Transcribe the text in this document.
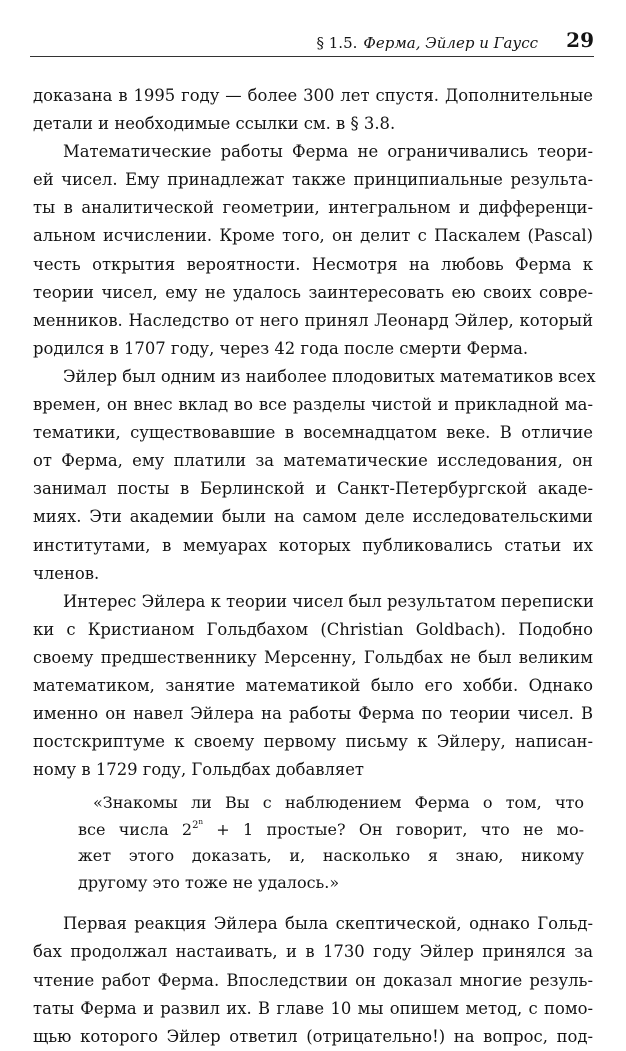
§ 1.5. Ферма, Эйлер и Гаусс 29
доказана в 1995 году — более 300 лет спустя. Дополнительные
детали и необходимые ссылки см. в § 3.8.
Математические работы Ферма не ограничивались теори-
ей чисел. Ему принадлежат также принципиальные результа-
ты в аналитической геометрии, интегральном и дифференци-
альном исчислении. Кроме того, он делит с Паскалем (Pascal)
честь открытия вероятности. Несмотря на любовь Ферма к
теории чисел, ему не удалось заинтересовать ею своих совре-
менников. Наследство от него принял Леонард Эйлер, который
родился в 1707 году, через 42 года после смерти Ферма.
Эйлер был одним из наиболее плодовитых математиков всех
времен, он внес вклад во все разделы чистой и прикладной ма-
тематики, существовавшие в восемнадцатом веке. В отличие
от Ферма, ему платили за математические исследования, он
занимал посты в Берлинской и Санкт-Петербургской акаде-
миях. Эти академии были на самом деле исследовательскими
институтами, в мемуарах которых публиковались статьи их
членов.
Интерес Эйлера к теории чисел был результатом переписки
ки с Кристианом Гольдбахом (Christian Goldbach). Подобно
своему предшественнику Мерсенну, Гольдбах не был великим
математиком, занятие математикой было его хобби. Однако
именно он навел Эйлера на работы Ферма по теории чисел. В
постскриптуме к своему первому письму к Эйлеру, написан-
ному в 1729 году, Гольдбах добавляет
«Знакомы ли Вы с наблюдением Ферма о том, что
все числа $2^{2^n} + 1$ простые? Он говорит, что не мо-
жет этого доказать, и, насколько я знаю, никому
другому это тоже не удалось.»
Первая реакция Эйлера была скептической, однако Гольд-
бах продолжал настаивать, и в 1730 году Эйлер принялся за
чтение работ Ферма. Впоследствии он доказал многие резуль-
таты Ферма и развил их. В главе 10 мы опишем метод, с помо-
щью которого Эйлер ответил (отрицательно!) на вопрос, под-
